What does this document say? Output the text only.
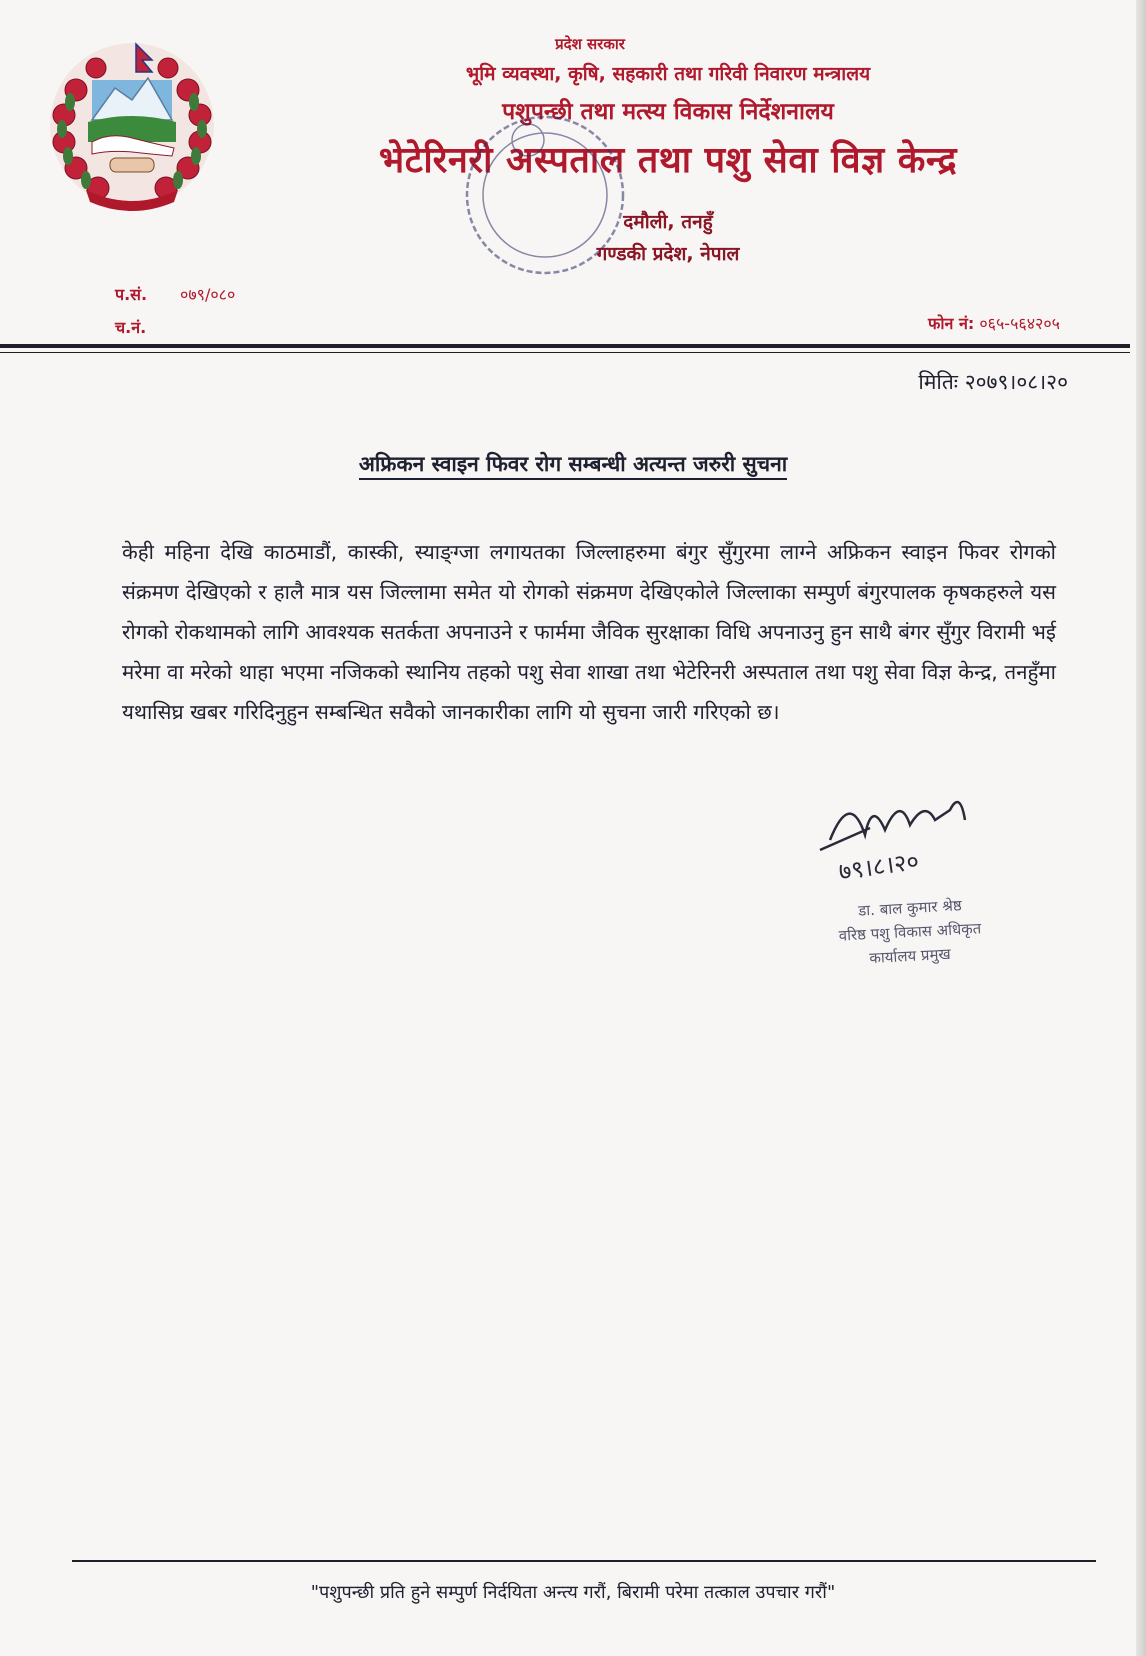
प्रदेश सरकार
भूमि व्यवस्था, कृषि, सहकारी तथा गरिवी निवारण मन्त्रालय
पशुपन्छी तथा मत्स्य विकास निर्देशनालय
भेटेरिनरी अस्पताल तथा पशु सेवा विज्ञ केन्द्र
दमौली, तनहुँ
गण्डकी प्रदेश, नेपाल
प.सं. ०७९/०८०
च.नं.	फोन नं: ०६५-५६४२०५
मितिः २०७९।०८।२०
अफ्रिकन स्वाइन फिवर रोग सम्बन्धी अत्यन्त जरुरी सुचना
केही महिना देखि काठमाडौं, कास्की, स्याङ्ग्जा लगायतका जिल्लाहरुमा बंगुर सुँगुरमा लाग्ने अफ्रिकन स्वाइन फिवर रोगको संक्रमण देखिएको र हालै मात्र यस जिल्लामा समेत यो रोगको संक्रमण देखिएकोले जिल्लाका सम्पुर्ण बंगुरपालक कृषकहरुले यस रोगको रोकथामको लागि आवश्यक सतर्कता अपनाउने र फार्ममा जैविक सुरक्षाका विधि अपनाउनु हुन साथै बंगर सुँगुर विरामी भई मरेमा वा मरेको थाहा भएमा नजिकको स्थानिय तहको पशु सेवा शाखा तथा भेटेरिनरी अस्पताल तथा पशु सेवा विज्ञ केन्द्र, तनहुँमा यथासिघ्र खबर गरिदिनुहुन सम्बन्धित सवैको जानकारीका लागि यो सुचना जारी गरिएको छ।
७९।८।२०
डा. बाल कुमार श्रेष्ठ
वरिष्ठ पशु विकास अधिकृत
कार्यालय प्रमुख
"पशुपन्छी प्रति हुने सम्पुर्ण निर्दयिता अन्त्य गरौं, बिरामी परेमा तत्काल उपचार गरौं"
